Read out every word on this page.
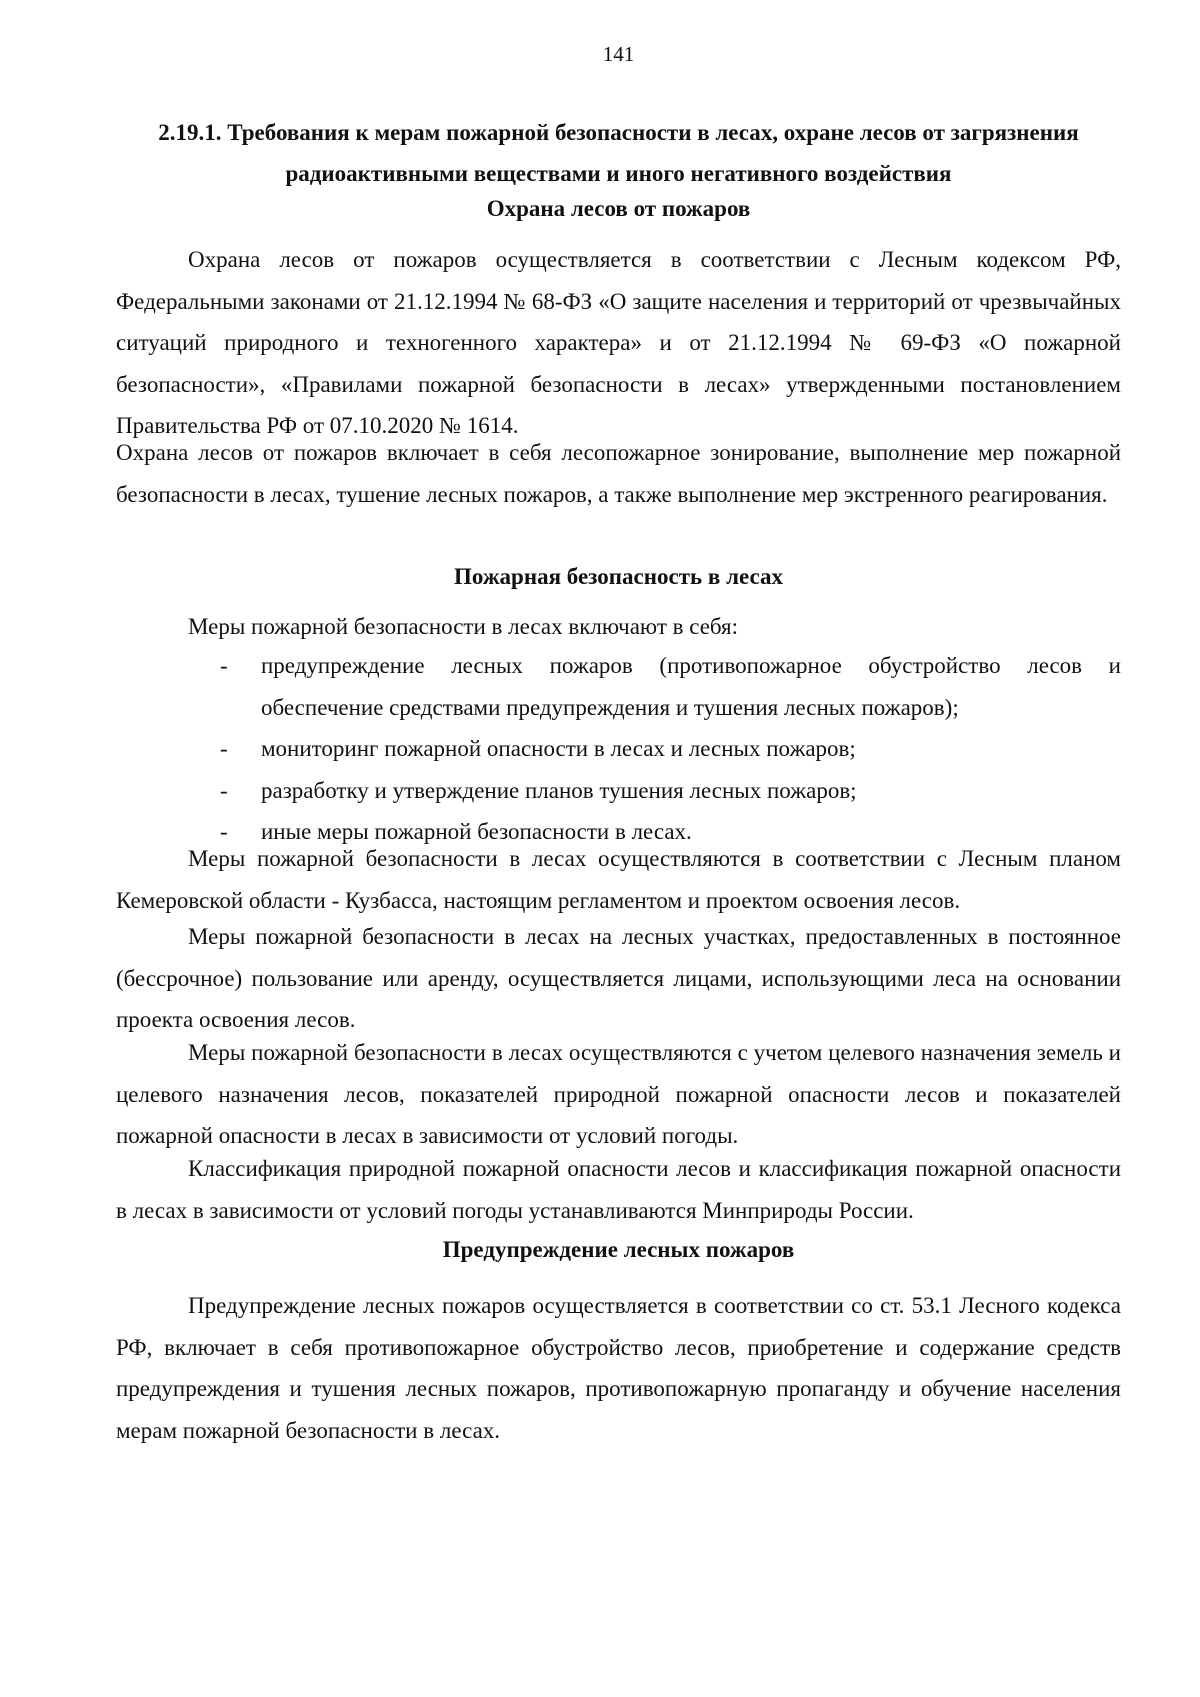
141
2.19.1. Требования к мерам пожарной безопасности в лесах, охране лесов от загрязнения радиоактивными веществами и иного негативного воздействия
Охрана лесов от пожаров

Охрана лесов от пожаров осуществляется в соответствии с Лесным кодексом РФ, Федеральными законами от 21.12.1994 № 68-ФЗ «О защите населения и территорий от чрезвычайных ситуаций природного и техногенного характера» и от 21.12.1994 № 69-ФЗ «О пожарной безопасности», «Правилами пожарной безопасности в лесах» утвержденными постановлением Правительства РФ от 07.10.2020 № 1614.

Охрана лесов от пожаров включает в себя лесопожарное зонирование, выполнение мер пожарной безопасности в лесах, тушение лесных пожаров, а также выполнение мер экстренного реагирования.

Пожарная безопасность в лесах

Меры пожарной безопасности в лесах включают в себя:

- предупреждение лесных пожаров (противопожарное обустройство лесов и обеспечение средствами предупреждения и тушения лесных пожаров);
- мониторинг пожарной опасности в лесах и лесных пожаров;
- разработку и утверждение планов тушения лесных пожаров;
- иные меры пожарной безопасности в лесах.

Меры пожарной безопасности в лесах осуществляются в соответствии с Лесным планом Кемеровской области - Кузбасса, настоящим регламентом и проектом освоения лесов.

Меры пожарной безопасности в лесах на лесных участках, предоставленных в постоянное (бессрочное) пользование или аренду, осуществляется лицами, использующими леса на основании проекта освоения лесов.

Меры пожарной безопасности в лесах осуществляются с учетом целевого назначения земель и целевого назначения лесов, показателей природной пожарной опасности лесов и показателей пожарной опасности в лесах в зависимости от условий погоды.

Классификация природной пожарной опасности лесов и классификация пожарной опасности в лесах в зависимости от условий погоды устанавливаются Минприроды России.

Предупреждение лесных пожаров

Предупреждение лесных пожаров осуществляется в соответствии со ст. 53.1 Лесного кодекса РФ, включает в себя противопожарное обустройство лесов, приобретение и содержание средств предупреждения и тушения лесных пожаров, противопожарную пропаганду и обучение населения мерам пожарной безопасности в лесах.
